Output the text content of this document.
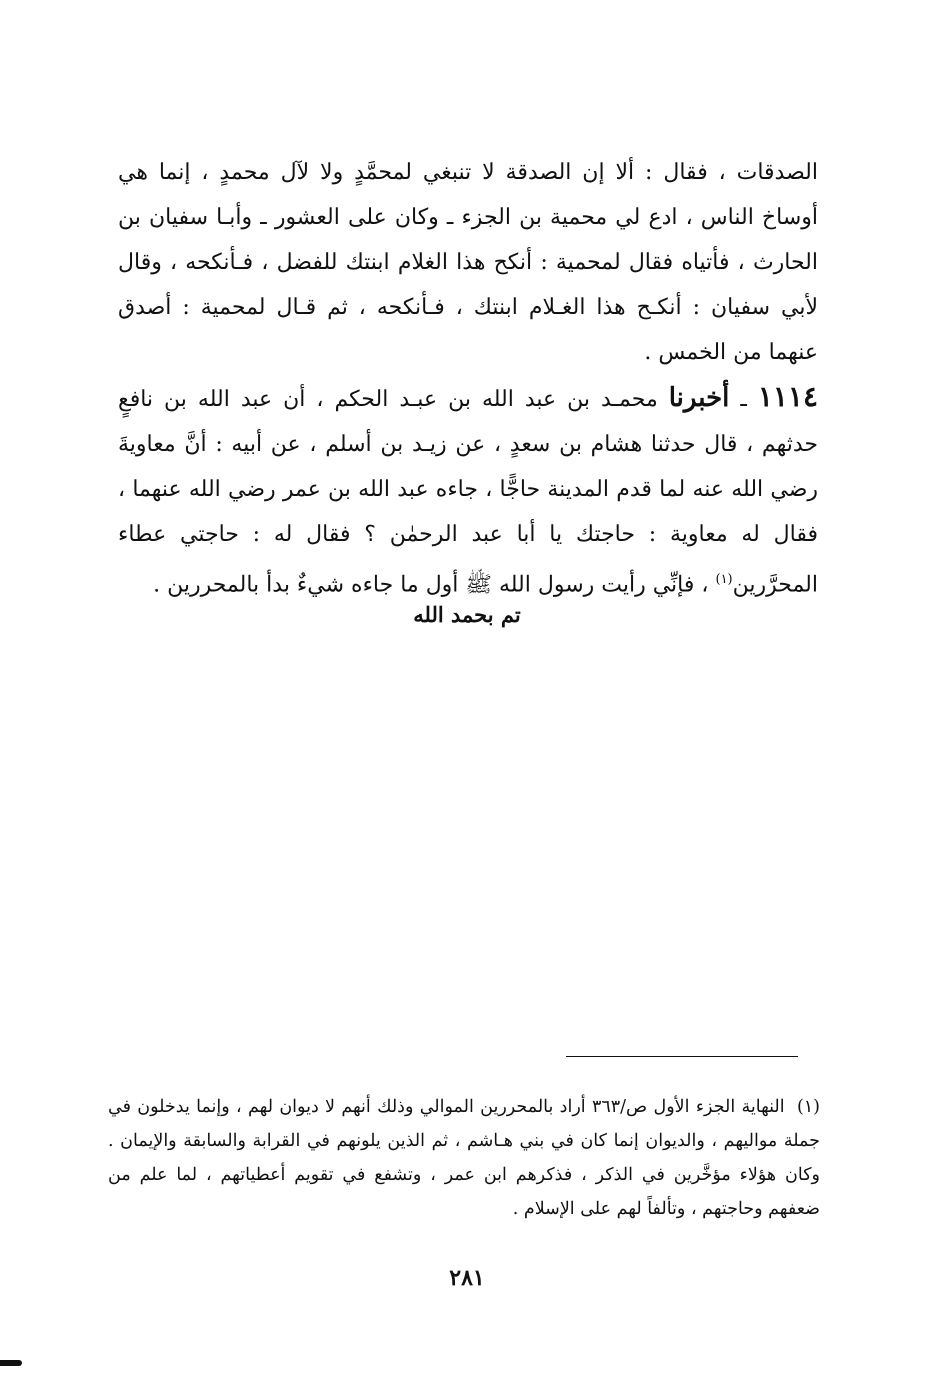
الصدقات ، فقال : ألا إن الصدقة لا تنبغي لمحمَّدٍ ولا لآل محمدٍ ، إنما هي أوساخ الناس ، ادع لي محمية بن الجزء ـ وكان على العشور ـ وأبـا سفيان بن الحارث ، فأتياه فقال لمحمية : أنكح هذا الغلام ابنتك للفضل ، فـأنكحه ، وقال لأبي سفيان : أنكـح هذا الغـلام ابنتك ، فـأنكحه ، ثم قـال لمحمية : أصدق عنهما من الخمس .

١١١٤ ـ أخبرنا محمـد بن عبد الله بن عبـد الحكم ، أن عبد الله بن نافعٍ حدثهم ، قال حدثنا هشام بن سعدٍ ، عن زيـد بن أسلم ، عن أبيه : أنَّ معاويةَ رضي الله عنه لما قدم المدينة حاجًّا ، جاءه عبد الله بن عمر رضي الله عنهما ، فقال له معاوية : حاجتك يا أبا عبد الرحمٰن ؟ فقال له : حاجتي عطاء المحرَّرين$^{(١)}$ ، فإنِّي رأيت رسول الله ﷺ أول ما جاءه شيءٌ بدأ بالمحررين .

تم بحمد الله

(١) النهاية الجزء الأول ص/٣٦٣ أراد بالمحررين الموالي وذلك أنهم لا ديوان لهم ، وإنما يدخلون في جملة مواليهم ، والديوان إنما كان في بني هـاشم ، ثم الذين يلونهم في القرابة والسابقة والإيمان . وكان هؤلاء مؤخَّرين في الذكر ، فذكرهم ابن عمر ، وتشفع في تقويم أعطياتهم ، لما علم من ضعفهم وحاجتهم ، وتألفاً لهم على الإسلام .

٢٨١
